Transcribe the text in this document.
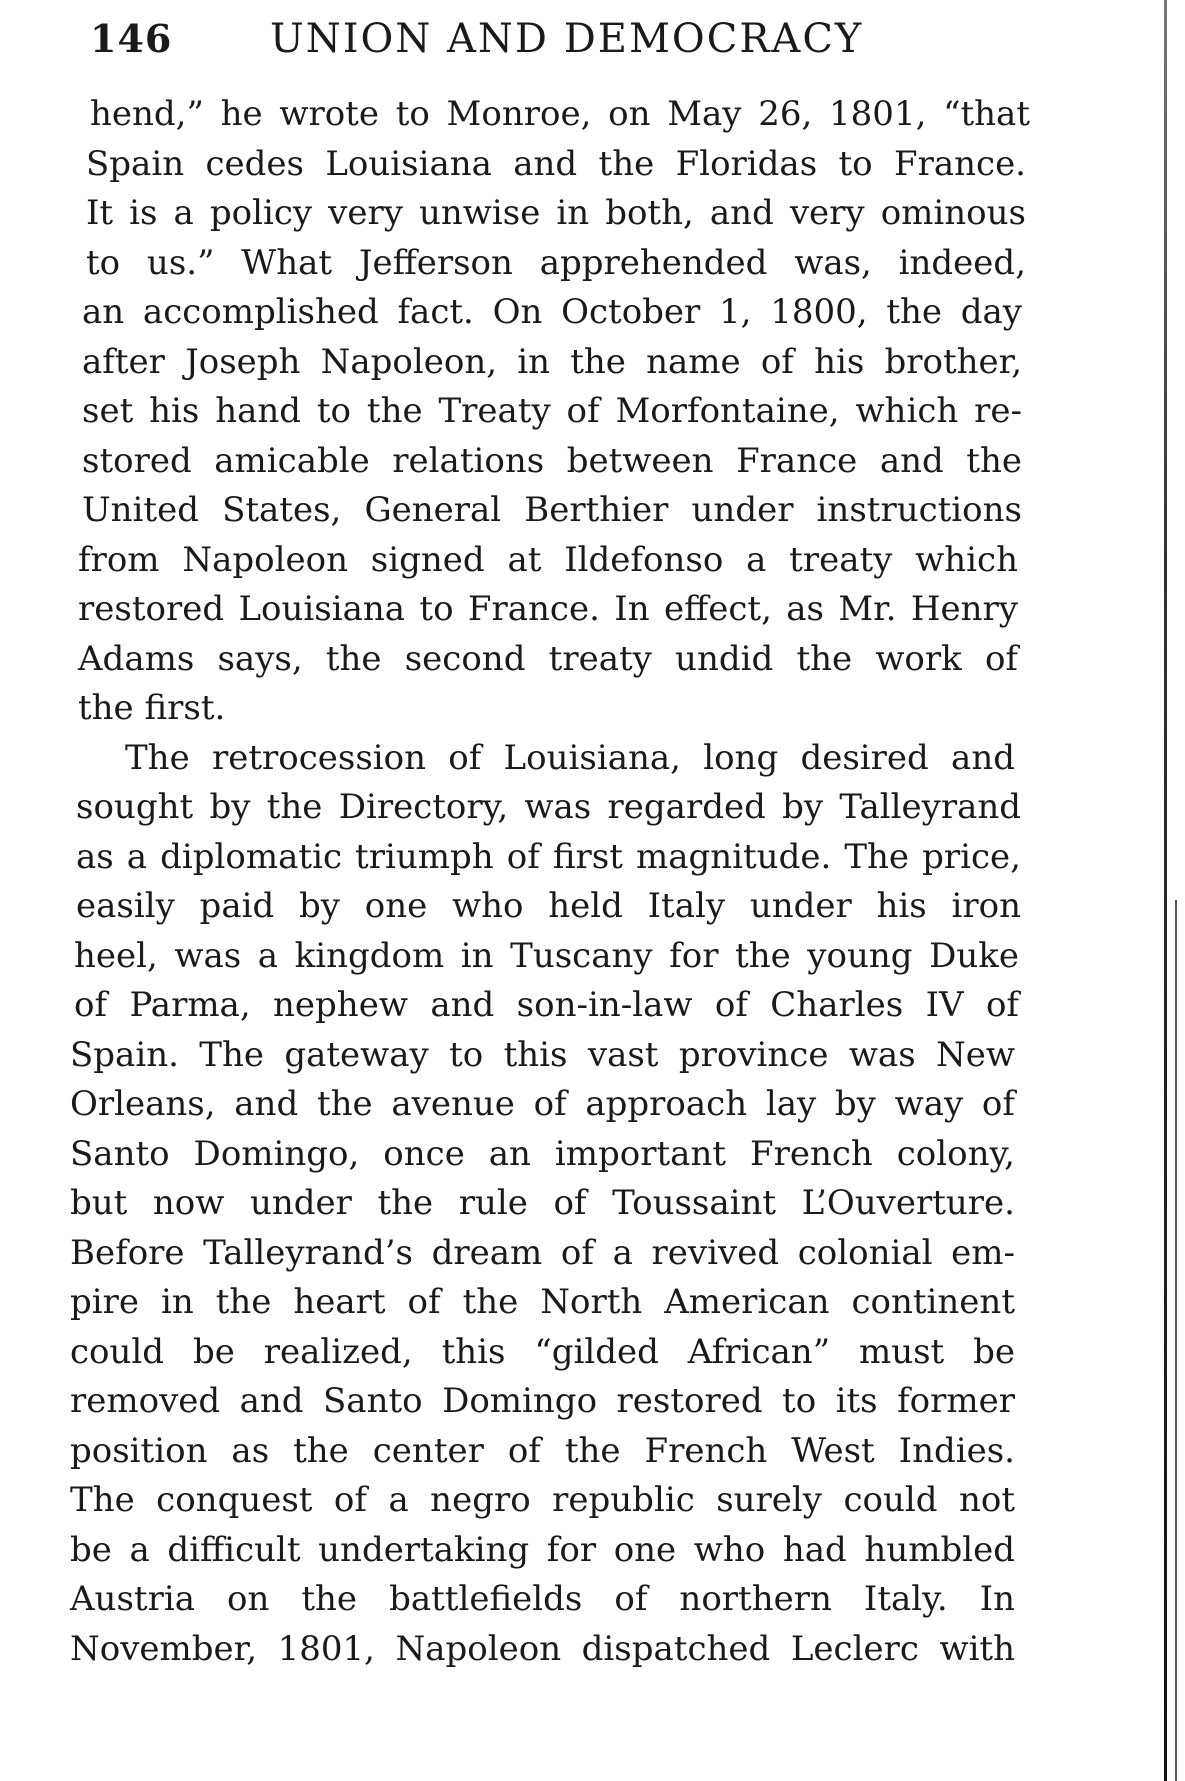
146 UNION AND DEMOCRACY
hend,” he wrote to Monroe, on May 26, 1801, “that
Spain cedes Louisiana and the Floridas to France.
It is a policy very unwise in both, and very ominous
to us.” What Jefferson apprehended was, indeed,
an accomplished fact. On October 1, 1800, the day
after Joseph Napoleon, in the name of his brother,
set his hand to the Treaty of Morfontaine, which re-
stored amicable relations between France and the
United States, General Berthier under instructions
from Napoleon signed at Ildefonso a treaty which
restored Louisiana to France. In effect, as Mr. Henry
Adams says, the second treaty undid the work of
the first.
The retrocession of Louisiana, long desired and
sought by the Directory, was regarded by Talleyrand
as a diplomatic triumph of first magnitude. The price,
easily paid by one who held Italy under his iron
heel, was a kingdom in Tuscany for the young Duke
of Parma, nephew and son-in-law of Charles IV of
Spain. The gateway to this vast province was New
Orleans, and the avenue of approach lay by way of
Santo Domingo, once an important French colony,
but now under the rule of Toussaint L’Ouverture.
Before Talleyrand’s dream of a revived colonial em-
pire in the heart of the North American continent
could be realized, this “gilded African” must be
removed and Santo Domingo restored to its former
position as the center of the French West Indies.
The conquest of a negro republic surely could not
be a difficult undertaking for one who had humbled
Austria on the battlefields of northern Italy. In
November, 1801, Napoleon dispatched Leclerc with
